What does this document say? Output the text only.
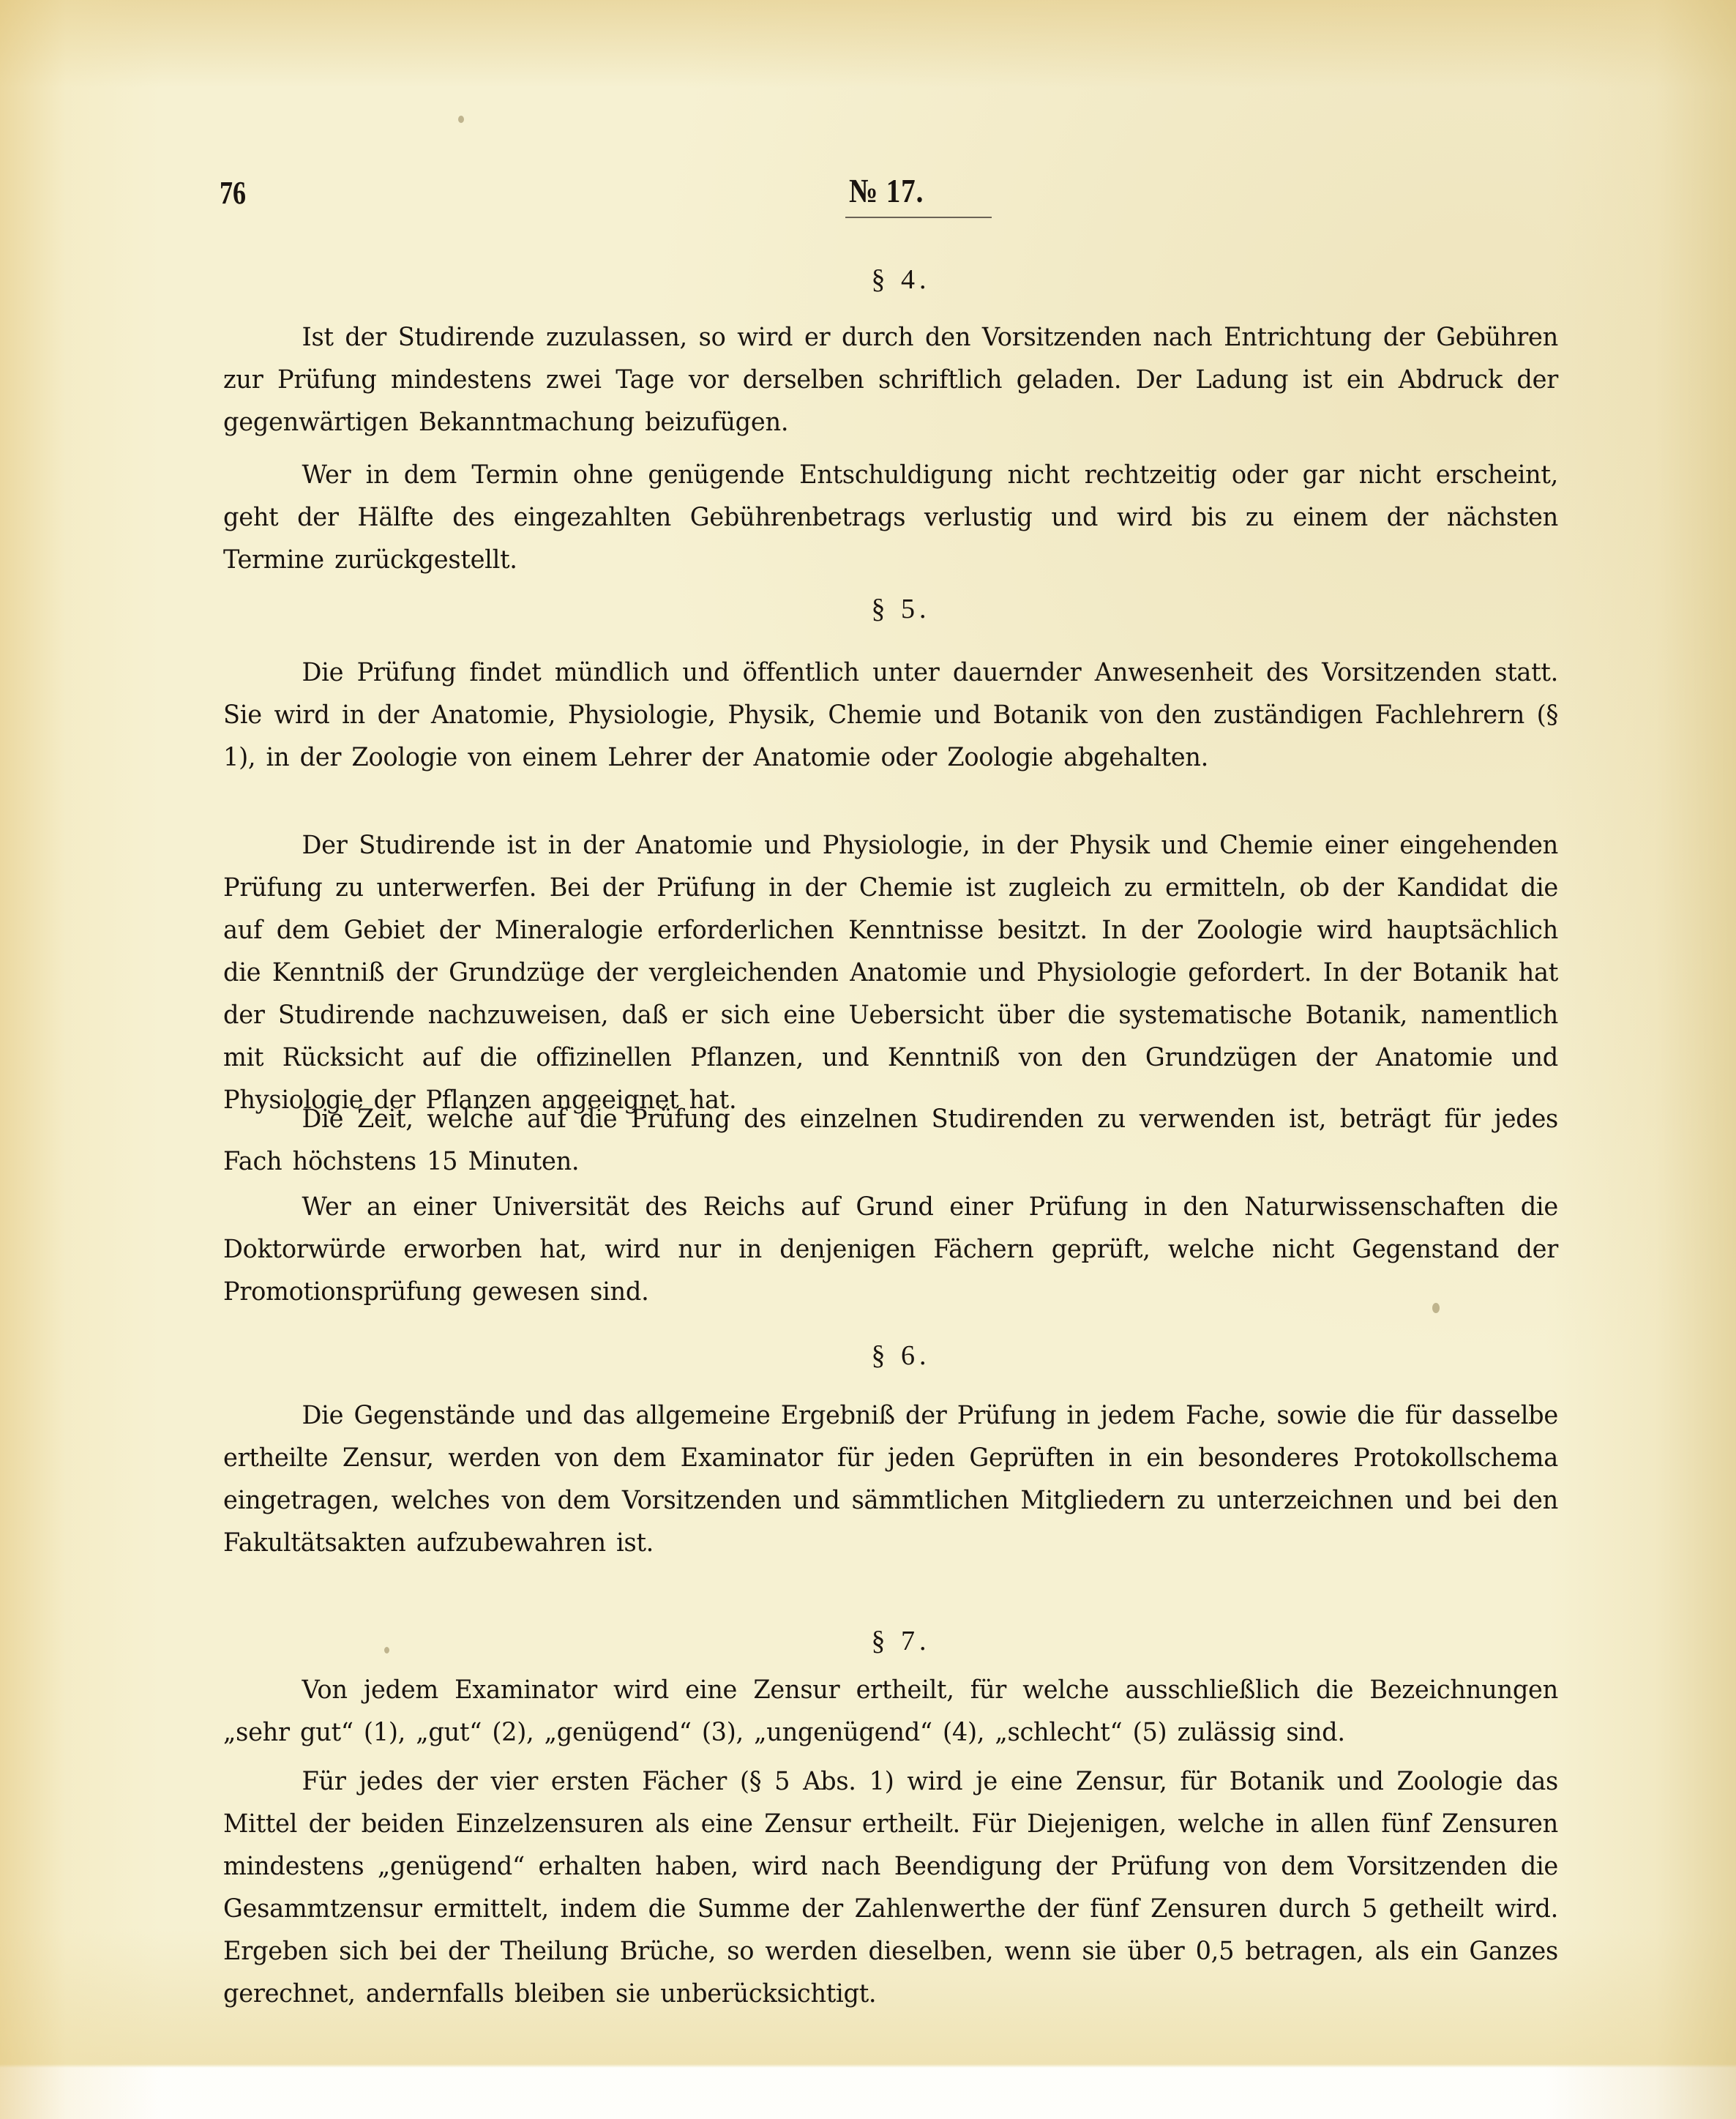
76	№ 17.
§ 4.

Ist der Studirende zuzulassen, so wird er durch den Vorsitzenden nach Entrichtung der Gebühren zur Prüfung mindestens zwei Tage vor derselben schriftlich geladen. Der Ladung ist ein Abdruck der gegenwärtigen Bekanntmachung beizufügen.

Wer in dem Termin ohne genügende Entschuldigung nicht rechtzeitig oder gar nicht erscheint, geht der Hälfte des eingezahlten Gebührenbetrags verlustig und wird bis zu einem der nächsten Termine zurückgestellt.

§ 5.

Die Prüfung findet mündlich und öffentlich unter dauernder Anwesenheit des Vorsitzenden statt. Sie wird in der Anatomie, Physiologie, Physik, Chemie und Botanik von den zuständigen Fachlehrern (§ 1), in der Zoologie von einem Lehrer der Anatomie oder Zoologie abgehalten.

Der Studirende ist in der Anatomie und Physiologie, in der Physik und Chemie einer eingehenden Prüfung zu unterwerfen. Bei der Prüfung in der Chemie ist zugleich zu ermitteln, ob der Kandidat die auf dem Gebiet der Mineralogie erforderlichen Kenntnisse besitzt. In der Zoologie wird hauptsächlich die Kenntniß der Grundzüge der vergleichenden Anatomie und Physiologie gefordert. In der Botanik hat der Studirende nachzuweisen, daß er sich eine Uebersicht über die systematische Botanik, namentlich mit Rücksicht auf die offizinellen Pflanzen, und Kenntniß von den Grundzügen der Anatomie und Physiologie der Pflanzen angeeignet hat.

Die Zeit, welche auf die Prüfung des einzelnen Studirenden zu verwenden ist, beträgt für jedes Fach höchstens 15 Minuten.

Wer an einer Universität des Reichs auf Grund einer Prüfung in den Naturwissenschaften die Doktorwürde erworben hat, wird nur in denjenigen Fächern geprüft, welche nicht Gegenstand der Promotionsprüfung gewesen sind.

§ 6.

Die Gegenstände und das allgemeine Ergebniß der Prüfung in jedem Fache, sowie die für dasselbe ertheilte Zensur, werden von dem Examinator für jeden Geprüften in ein besonderes Protokollschema eingetragen, welches von dem Vorsitzenden und sämmtlichen Mitgliedern zu unterzeichnen und bei den Fakultätsakten aufzubewahren ist.

§ 7.

Von jedem Examinator wird eine Zensur ertheilt, für welche ausschließlich die Bezeichnungen „sehr gut“ (1), „gut“ (2), „genügend“ (3), „ungenügend“ (4), „schlecht“ (5) zulässig sind.

Für jedes der vier ersten Fächer (§ 5 Abs. 1) wird je eine Zensur, für Botanik und Zoologie das Mittel der beiden Einzelzensuren als eine Zensur ertheilt. Für Diejenigen, welche in allen fünf Zensuren mindestens „genügend“ erhalten haben, wird nach Beendigung der Prüfung von dem Vorsitzenden die Gesammtzensur ermittelt, indem die Summe der Zahlenwerthe der fünf Zensuren durch 5 getheilt wird. Ergeben sich bei der Theilung Brüche, so werden dieselben, wenn sie über 0,5 betragen, als ein Ganzes gerechnet, andernfalls bleiben sie unberücksichtigt.
